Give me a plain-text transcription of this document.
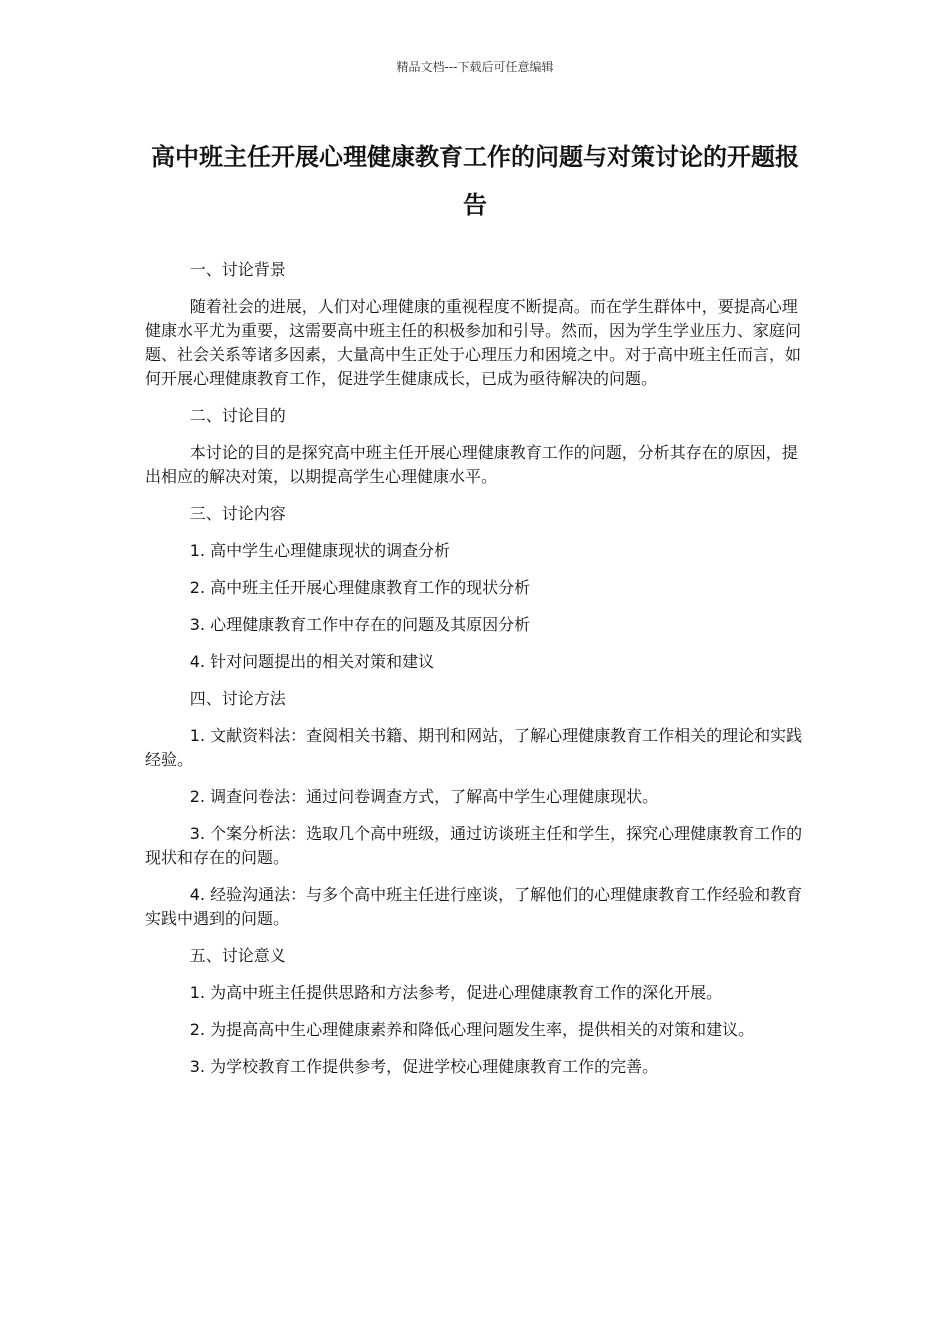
精品文档---下载后可任意编辑
高中班主任开展心理健康教育工作的问题与对策讨论的开题报告

一、讨论背景

随着社会的进展，人们对心理健康的重视程度不断提高。而在学生群体中，要提高心理健康水平尤为重要，这需要高中班主任的积极参加和引导。然而，因为学生学业压力、家庭问题、社会关系等诸多因素，大量高中生正处于心理压力和困境之中。对于高中班主任而言，如何开展心理健康教育工作，促进学生健康成长，已成为亟待解决的问题。

二、讨论目的

本讨论的目的是探究高中班主任开展心理健康教育工作的问题，分析其存在的原因，提出相应的解决对策，以期提高学生心理健康水平。

三、讨论内容

1. 高中学生心理健康现状的调查分析

2. 高中班主任开展心理健康教育工作的现状分析

3. 心理健康教育工作中存在的问题及其原因分析

4. 针对问题提出的相关对策和建议

四、讨论方法

1. 文献资料法：查阅相关书籍、期刊和网站，了解心理健康教育工作相关的理论和实践经验。

2. 调查问卷法：通过问卷调查方式，了解高中学生心理健康现状。

3. 个案分析法：选取几个高中班级，通过访谈班主任和学生，探究心理健康教育工作的现状和存在的问题。

4. 经验沟通法：与多个高中班主任进行座谈，了解他们的心理健康教育工作经验和教育实践中遇到的问题。

五、讨论意义

1. 为高中班主任提供思路和方法参考，促进心理健康教育工作的深化开展。

2. 为提高高中生心理健康素养和降低心理问题发生率，提供相关的对策和建议。

3. 为学校教育工作提供参考，促进学校心理健康教育工作的完善。
